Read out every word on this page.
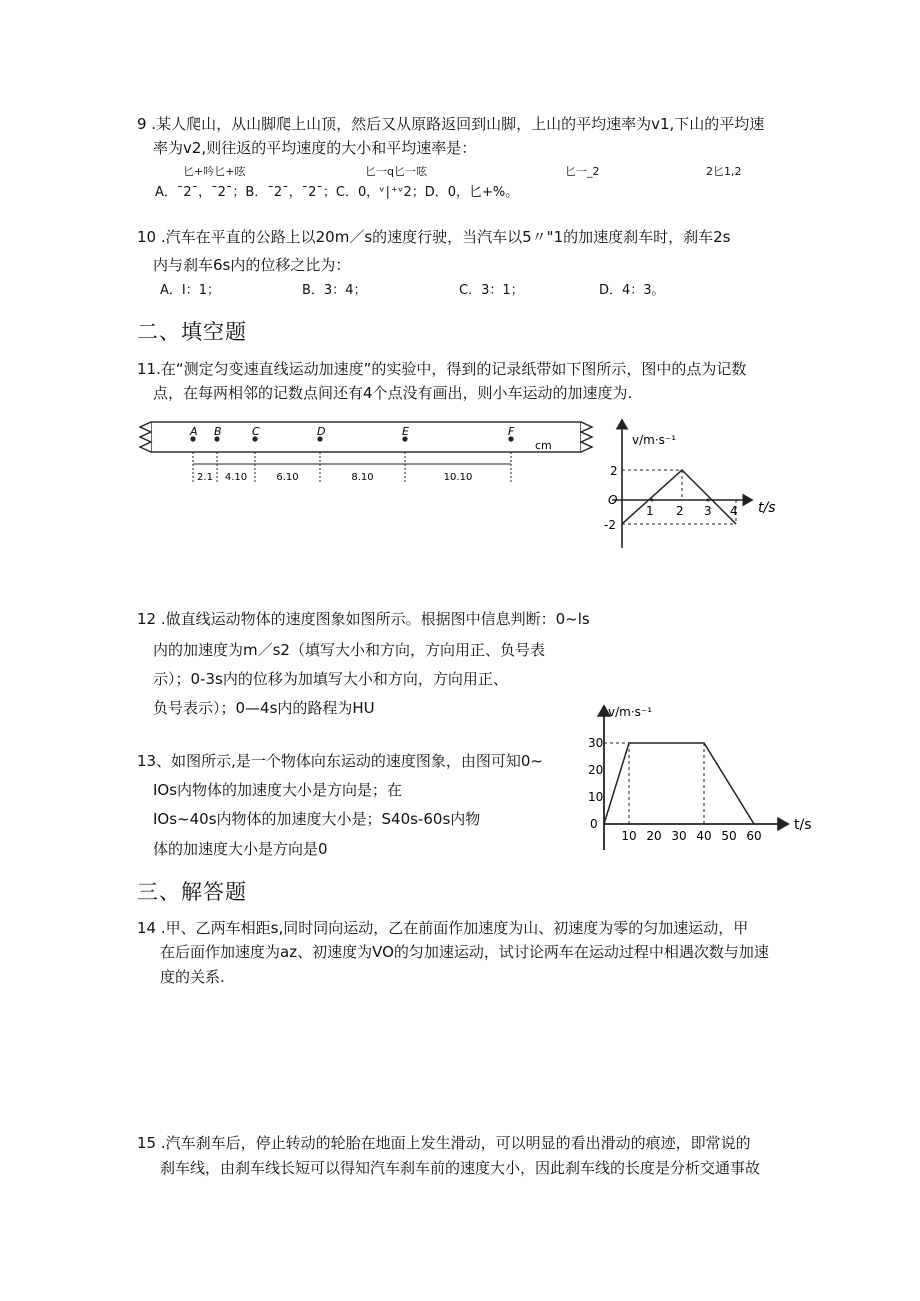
9 .某人爬山，从山脚爬上山顶，然后又从原路返回到山脚，上山的平均速率为v1,下山的平均速
率为v2,则往返的平均速度的大小和平均速率是：
匕+吟匕+呟	匕一q匕一呟	匕一_2	2匕1,2
A．ˉ2ˉ，ˉ2ˉ；B．ˉ2ˉ，ˉ2ˉ；C．0，ᵛ∣⁺ᵛ2；D．0，匕+%。
10 .汽车在平直的公路上以20m／s的速度行驶，当汽车以5〃"1的加速度刹车时，刹车2s
内与刹车6s内的位移之比为：
A．I：1；	B．3：4；	C．3：1；	D．4：3。
二、填空题
11.在“测定匀变速直线运动加速度”的实验中，得到的记录纸带如下图所示，图中的点为记数
点，在每两相邻的记数点间还有4个点没有画出，则小车运动的加速度为.
A B	C	D	E	F
2.1 4.10	6.10	8.10	10.10
cm	v/m·s⁻¹
t/s
O
2
-2
1 2 3 4
12 .做直线运动物体的速度图象如图所示。根据图中信息判断：0~ls
内的加速度为m／s2（填写大小和方向，方向用正、负号表
示）；0-3s内的位移为加填写大小和方向，方向用正、
负号表示）；0—4s内的路程为HU	v/m·s⁻¹
t/s
0
30
20
10
10 20 30 40 50 60
13、如图所示,是一个物体向东运动的速度图象，由图可知0~
IOs内物体的加速度大小是方向是；在
IOs~40s内物体的加速度大小是；S40s-60s内物
体的加速度大小是方向是0
三、解答题
14 .甲、乙两车相距s,同时同向运动，乙在前面作加速度为山、初速度为零的匀加速运动，甲
在后面作加速度为az、初速度为VO的匀加速运动，试讨论两车在运动过程中相遇次数与加速
度的关系.
15 .汽车刹车后，停止转动的轮胎在地面上发生滑动，可以明显的看出滑动的痕迹，即常说的
刹车线，由刹车线长短可以得知汽车刹车前的速度大小，因此刹车线的长度是分析交通事故
